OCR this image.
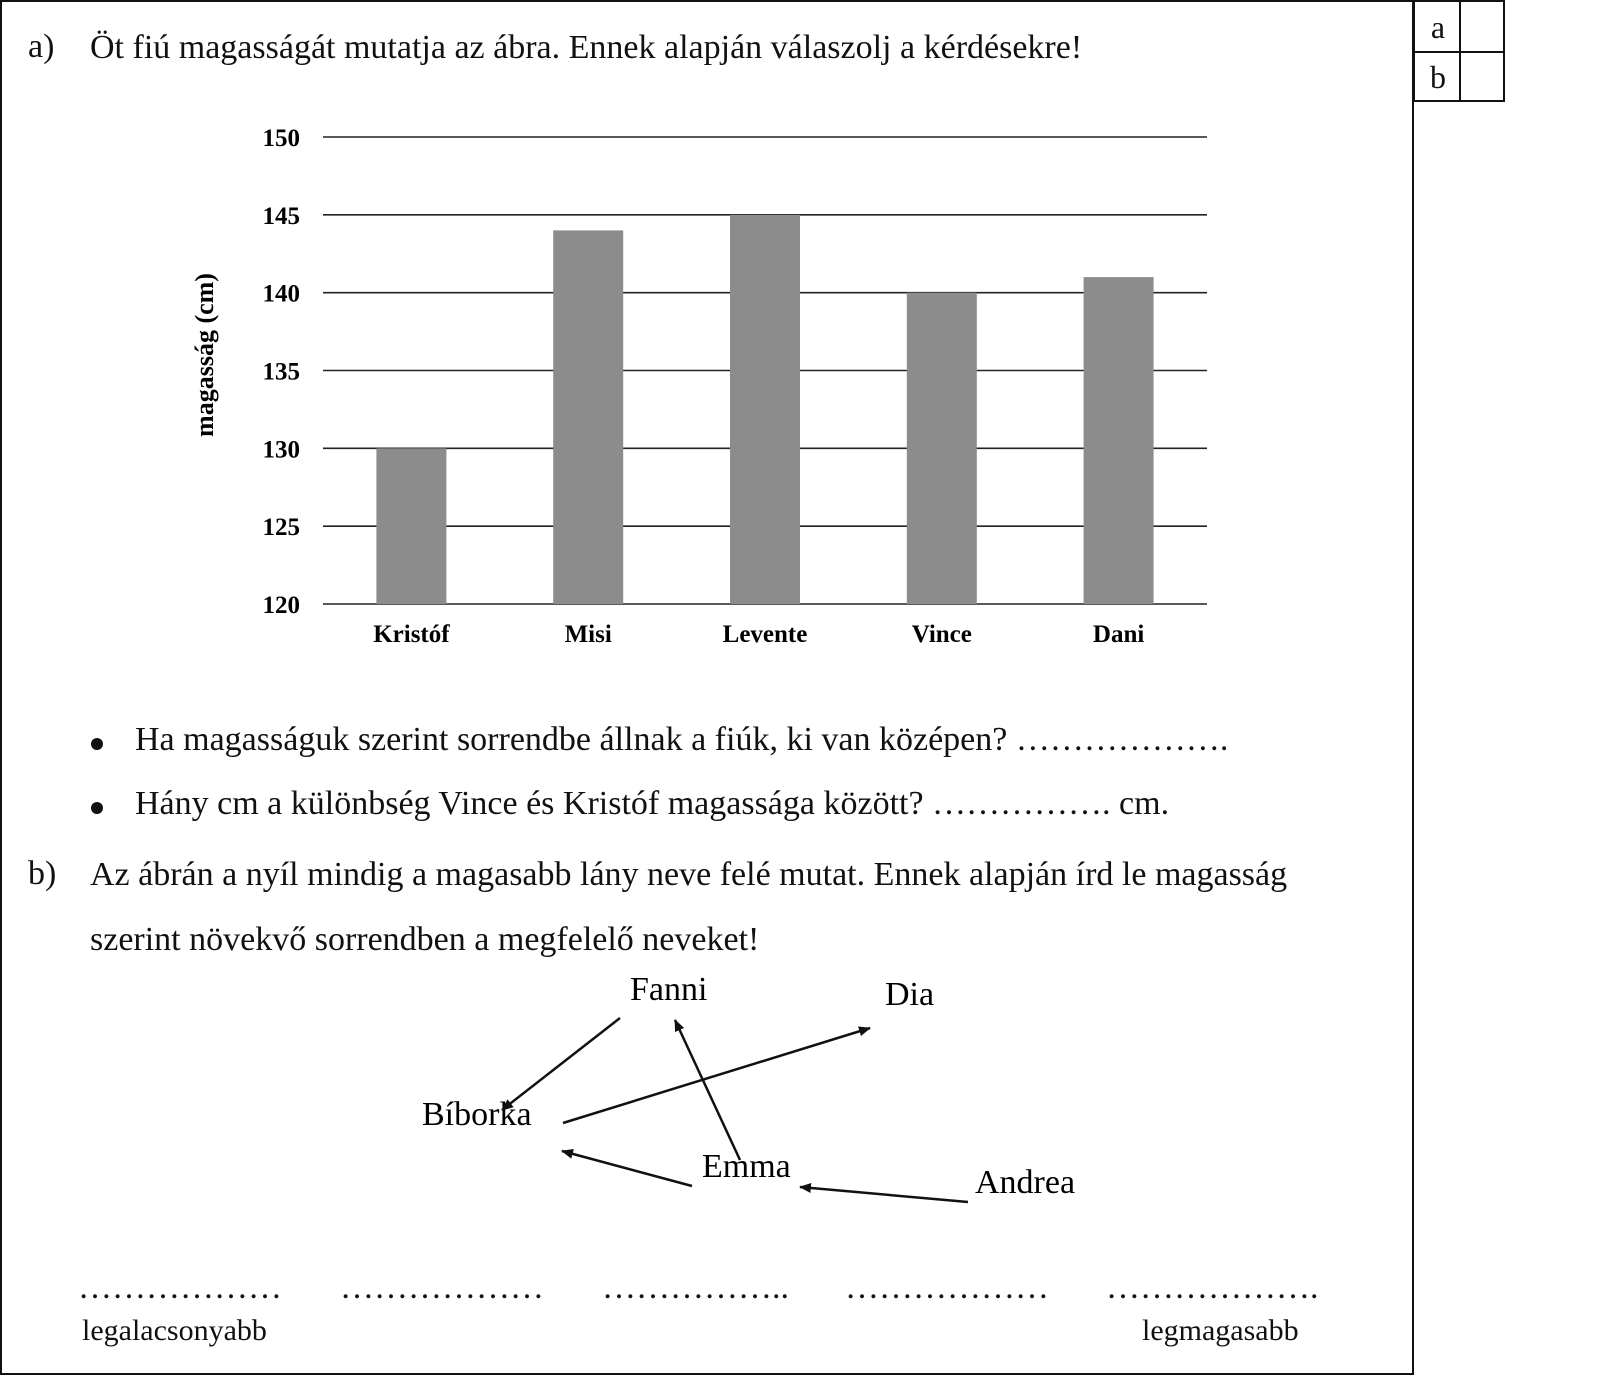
a
b
a) Öt fiú magasságát mutatja az ábra. Ennek alapján válaszolj a kérdésekre!
120
125
130
135
140
145
150
Kristóf	Misi	Levente	Vince	Dani
magasság (cm)
Ha magasságuk szerint sorrendbe állnak a fiúk, ki van középen? ……………….
Hány cm a különbség Vince és Kristóf magassága között? ……………. cm.
b) Az ábrán a nyíl mindig a magasabb lány neve felé mutat. Ennek alapján írd le magasság
szerint növekvő sorrendben a megfelelő neveket!
Fanni	Dia
Bíborka
Emma	Andrea
……………… ……………… …………….. ……………… ……………….
legalacsonyabb	legmagasabb
